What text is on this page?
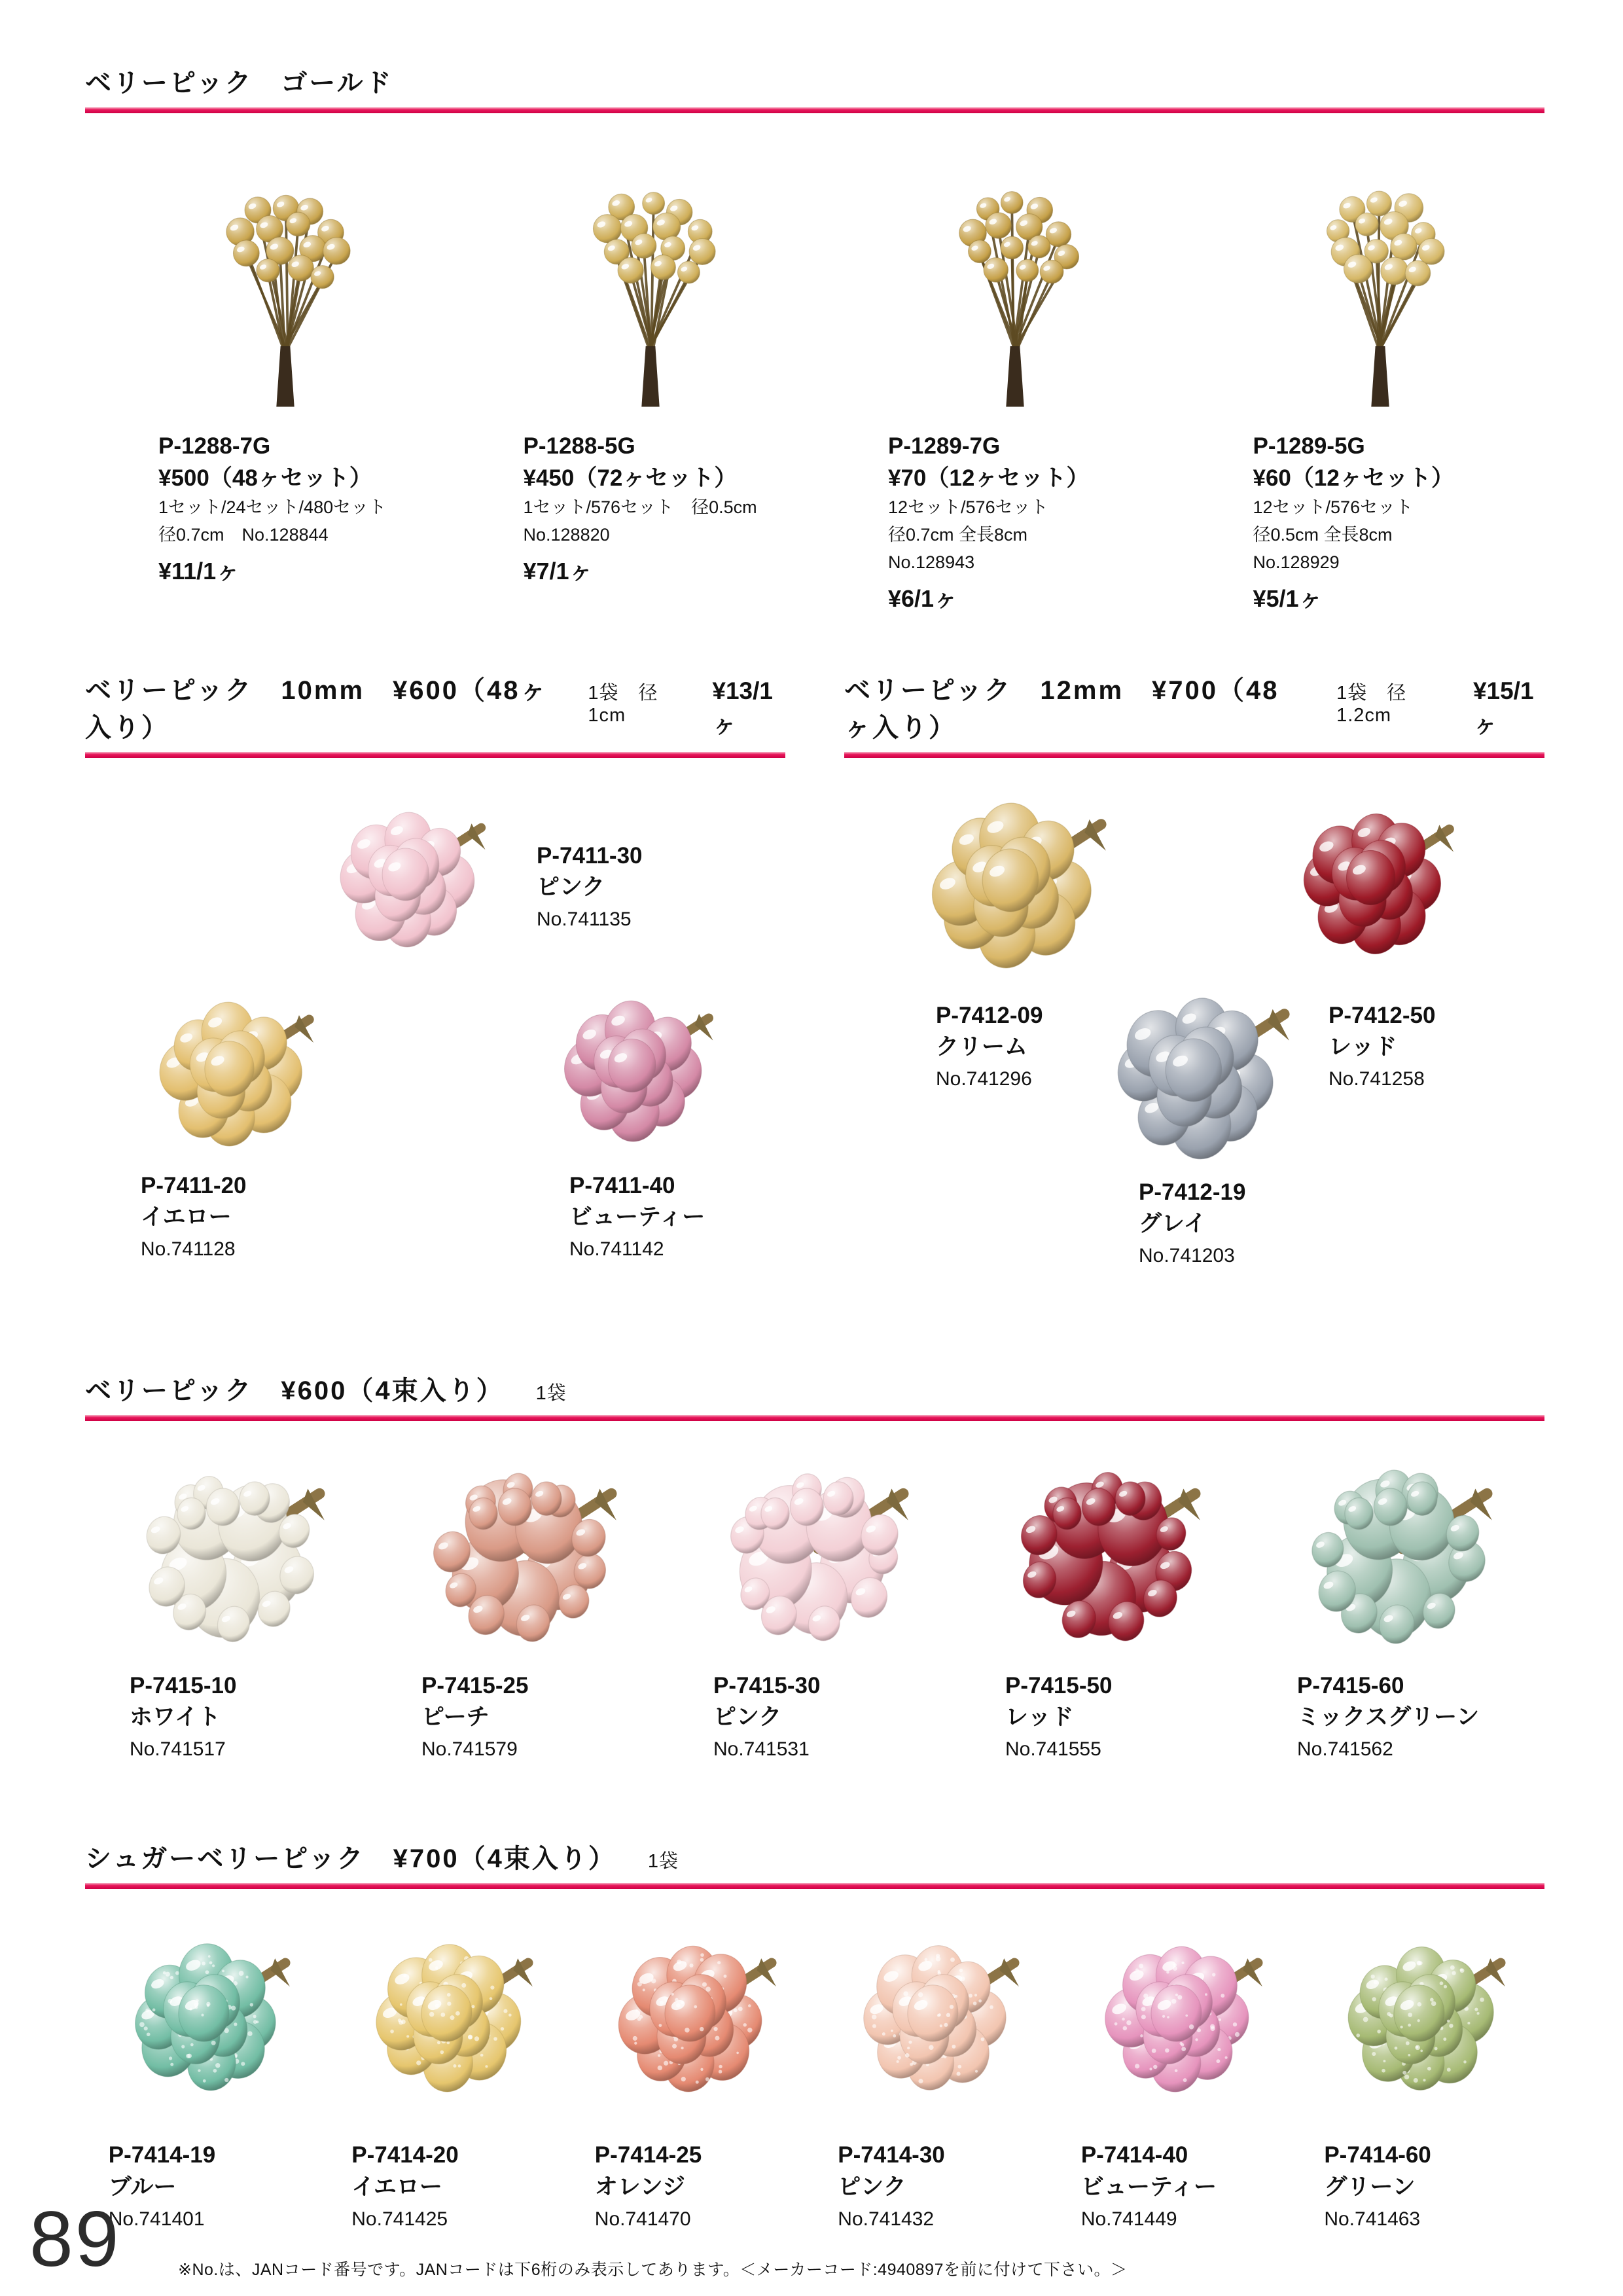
ベリーピック　ゴールド
P-1288-7G
¥500（48ヶセット）
1セット/24セット/480セット
径0.7cm　No.128844
¥11/1ヶ
P-1288-5G
¥450（72ヶセット）
1セット/576セット　径0.5cm
No.128820
¥7/1ヶ
P-1289-7G
¥70（12ヶセット）
12セット/576セット
径0.7cm 全長8cm
No.128943
¥6/1ヶ
P-1289-5G
¥60（12ヶセット）
12セット/576セット
径0.5cm 全長8cm
No.128929
¥5/1ヶ
ベリーピック　10mm　¥600（48ヶ入り）
1袋　径1cm
¥13/1ヶ
P-7411-30
ピンク
No.741135
P-7411-20
イエロー
No.741128
P-7411-40
ビューティー
No.741142
ベリーピック　12mm　¥700（48ヶ入り）
1袋　径1.2cm
¥15/1ヶ
P-7412-09
クリーム
No.741296
P-7412-50
レッド
No.741258
P-7412-19
グレイ
No.741203
ベリーピック　¥600（4束入り） 1袋
P-7415-10
ホワイト
No.741517
P-7415-25
ピーチ
No.741579
P-7415-30
ピンク
No.741531
P-7415-50
レッド
No.741555
P-7415-60
ミックスグリーン
No.741562
シュガーベリーピック　¥700（4束入り） 1袋
P-7414-19
ブルー
No.741401
P-7414-20
イエロー
No.741425
P-7414-25
オレンジ
No.741470
P-7414-30
ピンク
No.741432
P-7414-40
ビューティー
No.741449
P-7414-60
グリーン
No.741463
89	※No.は、JANコード番号です。JANコードは下6桁のみ表示してあります。＜メーカーコード:4940897を前に付けて下さい。＞
